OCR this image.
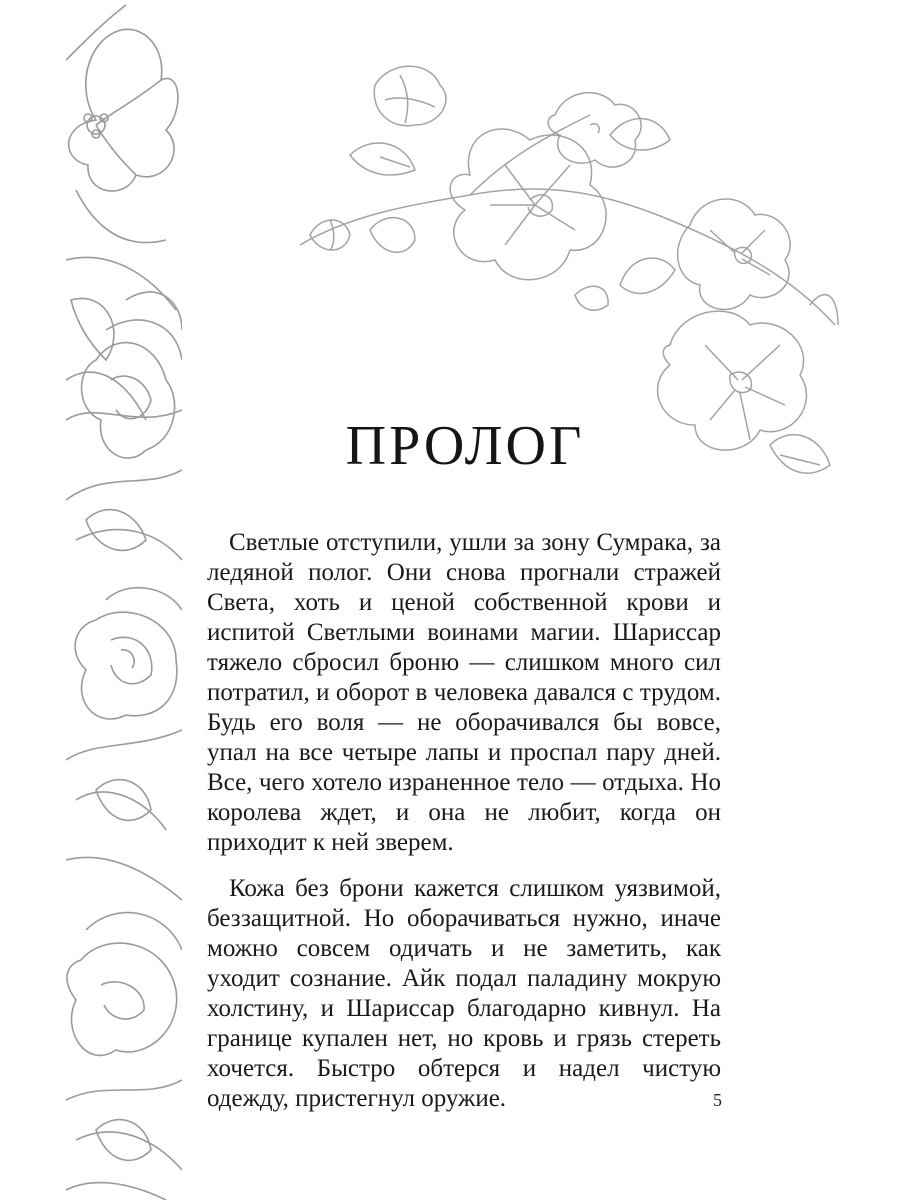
ПРОЛОГ

Светлые отступили, ушли за зону Сумрака, за ледяной полог. Они снова прогнали стражей Света, хоть и ценой собственной крови и испитой Светлыми воинами магии. Шариссар тяжело сбросил броню — слишком много сил потратил, и оборот в человека давался с трудом. Будь его воля — не оборачивался бы вовсе, упал на все четыре лапы и проспал пару дней. Все, чего хотело израненное тело — отдыха. Но королева ждет, и она не любит, когда он приходит к ней зверем.

Кожа без брони кажется слишком уязвимой, беззащитной. Но оборачиваться нужно, иначе можно совсем одичать и не заметить, как уходит сознание. Айк подал паладину мокрую холстину, и Шариссар благодарно кивнул. На границе купален нет, но кровь и грязь стереть хочется. Быстро обтерся и надел чистую одежду, пристегнул оружие.	5
